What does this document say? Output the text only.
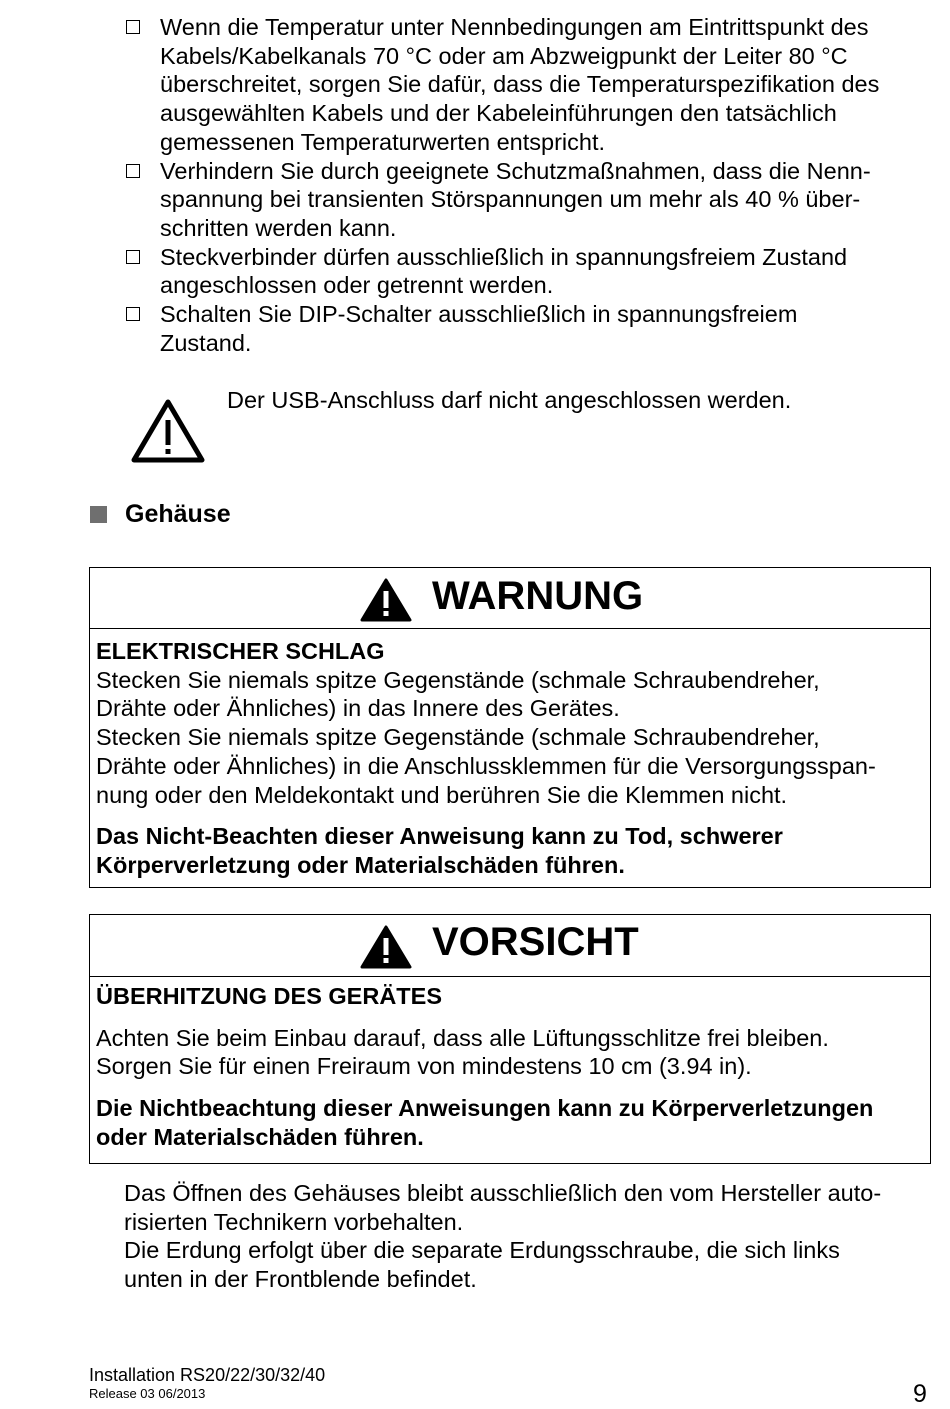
Wenn die Temperatur unter Nennbedingungen am Eintrittspunkt des
Kabels/Kabelkanals 70 °C oder am Abzweigpunkt der Leiter 80 °C
überschreitet, sorgen Sie dafür, dass die Temperaturspezifikation des
ausgewählten Kabels und der Kabeleinführungen den tatsächlich
gemessenen Temperaturwerten entspricht.
Verhindern Sie durch geeignete Schutzmaßnahmen, dass die Nenn-
spannung bei transienten Störspannungen um mehr als 40 % über-
schritten werden kann.
Steckverbinder dürfen ausschließlich in spannungsfreiem Zustand
angeschlossen oder getrennt werden.
Schalten Sie DIP-Schalter ausschließlich in spannungsfreiem
Zustand.
Der USB-Anschluss darf nicht angeschlossen werden.
Gehäuse
WARNUNG

ELEKTRISCHER SCHLAG

Stecken Sie niemals spitze Gegenstände (schmale Schraubendreher,

Drähte oder Ähnliches) in das Innere des Gerätes.

Stecken Sie niemals spitze Gegenstände (schmale Schraubendreher,

Drähte oder Ähnliches) in die Anschlussklemmen für die Versorgungsspan-

nung oder den Meldekontakt und berühren Sie die Klemmen nicht.

Das Nicht-Beachten dieser Anweisung kann zu Tod, schwerer

Körperverletzung oder Materialschäden führen.

VORSICHT

ÜBERHITZUNG DES GERÄTES

Achten Sie beim Einbau darauf, dass alle Lüftungsschlitze frei bleiben.

Sorgen Sie für einen Freiraum von mindestens 10 cm (3.94 in).

Die Nichtbeachtung dieser Anweisungen kann zu Körperverletzungen

oder Materialschäden führen.

Das Öffnen des Gehäuses bleibt ausschließlich den vom Hersteller auto-
risierten Technikern vorbehalten.
Die Erdung erfolgt über die separate Erdungsschraube, die sich links
unten in der Frontblende befindet.
Installation RS20/22/30/32/40
Release 03 06/2013	9
